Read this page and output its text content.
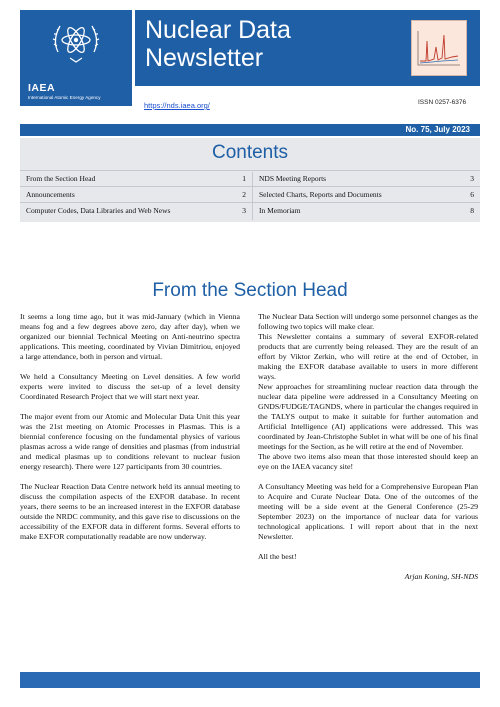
IAEA
International Atomic Energy Agency
Nuclear Data
Newsletter
https://nds.iaea.org/	ISSN 0257-6376
No. 75, July 2023
Contents
From the Section Head	1
Announcements	2
Computer Codes, Data Libraries and Web News	3
NDS Meeting Reports	3
Selected Charts, Reports and Documents	6
In Memoriam	8
From the Section Head

It seems a long time ago, but it was mid-January (which in Vienna means fog and a few degrees above zero, day after day), when we organized our biennial Technical Meeting on Anti-neutrino spectra applications. This meeting, coordinated by Vivian Dimitriou, enjoyed a large attendance, both in person and virtual.

We held a Consultancy Meeting on Level densities. A few world experts were invited to discuss the set-up of a level density Coordinated Research Project that we will start next year.

The major event from our Atomic and Molecular Data Unit this year was the 21st meeting on Atomic Processes in Plasmas. This is a biennial conference focusing on the fundamental physics of various plasmas across a wide range of densities and plasmas (from industrial and medical plasmas up to conditions relevant to nuclear fusion energy research). There were 127 participants from 30 countries.

The Nuclear Reaction Data Centre network held its annual meeting to discuss the compilation aspects of the EXFOR database. In recent years, there seems to be an increased interest in the EXFOR database outside the NRDC community, and this gave rise to discussions on the accessibility of the EXFOR data in different forms. Several efforts to make EXFOR computationally readable are now underway.

The Nuclear Data Section will undergo some personnel changes as the following two topics will make clear.

This Newsletter contains a summary of several EXFOR-related products that are currently being released. They are the result of an effort by Viktor Zerkin, who will retire at the end of October, in making the EXFOR database available to users in more different ways.

New approaches for streamlining nuclear reaction data through the nuclear data pipeline were addressed in a Consultancy Meeting on GNDS/FUDGE/TAGNDS, where in particular the changes required in the TALYS output to make it suitable for further automation and Artificial Intelligence (AI) applications were addressed. This was coordinated by Jean-Christophe Sublet in what will be one of his final meetings for the Section, as he will retire at the end of November.

The above two items also mean that those interested should keep an eye on the IAEA vacancy site!

A Consultancy Meeting was held for a Comprehensive European Plan to Acquire and Curate Nuclear Data. One of the outcomes of the meeting will be a side event at the General Conference (25-29 September 2023) on the importance of nuclear data for various technological applications. I will report about that in the next Newsletter.

All the best!

Arjan Koning, SH-NDS
